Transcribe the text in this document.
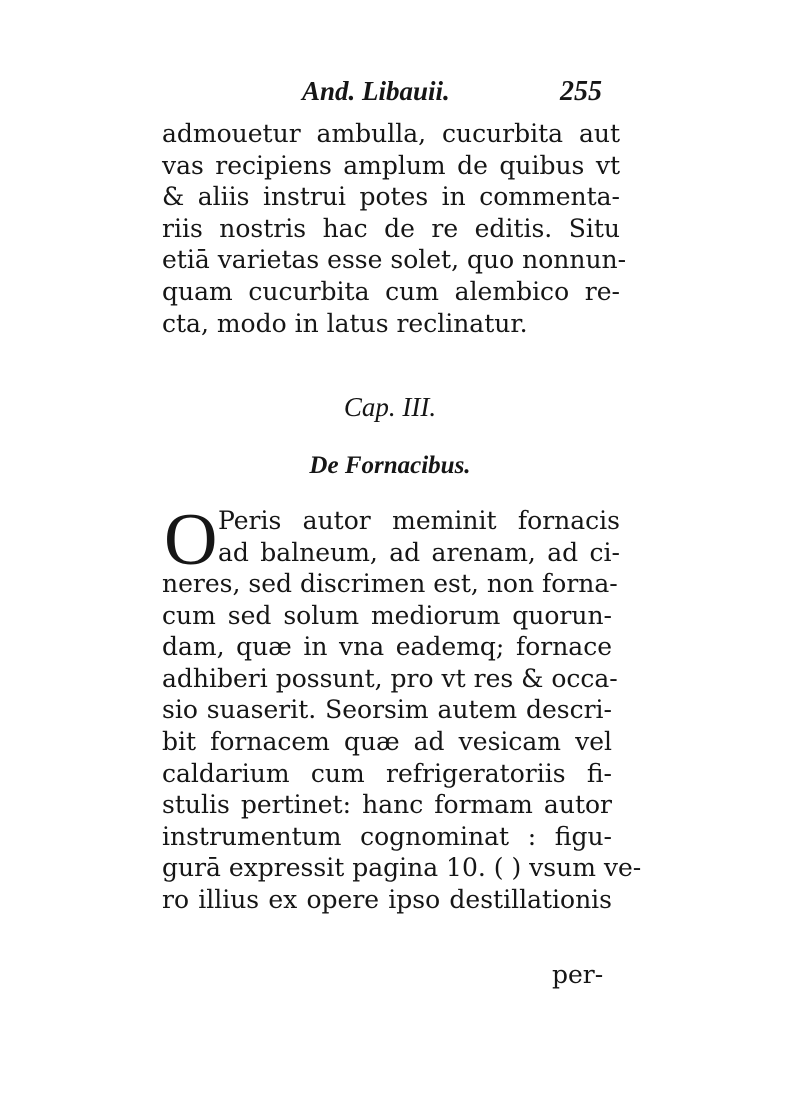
And. Libauii.	255
admouetur ambulla, cucurbita aut
vas recipiens amplum de quibus vt
& aliis instrui potes in commenta-
riis nostris hac de re editis. Situ
etiā varietas esse solet, quo nonnun-
quam cucurbita cum alembico re-
cta, modo in latus reclinatur.
Cap. III.
De Fornacibus.
O Peris autor meminit fornacis
ad balneum, ad arenam, ad ci-
neres, sed discrimen est, non forna-
cum sed solum mediorum quorun-
dam, quæ in vna eademq; fornace
adhiberi possunt, pro vt res & occa-
sio suaserit. Seorsim autem descri-
bit fornacem quæ ad vesicam vel
caldarium cum refrigeratoriis fi-
stulis pertinet: hanc formam autor
instrumentum cognominat : figu-
gurā expressit pagina 10. ( ) vsum ve-
ro illius ex opere ipso destillationis
per-
